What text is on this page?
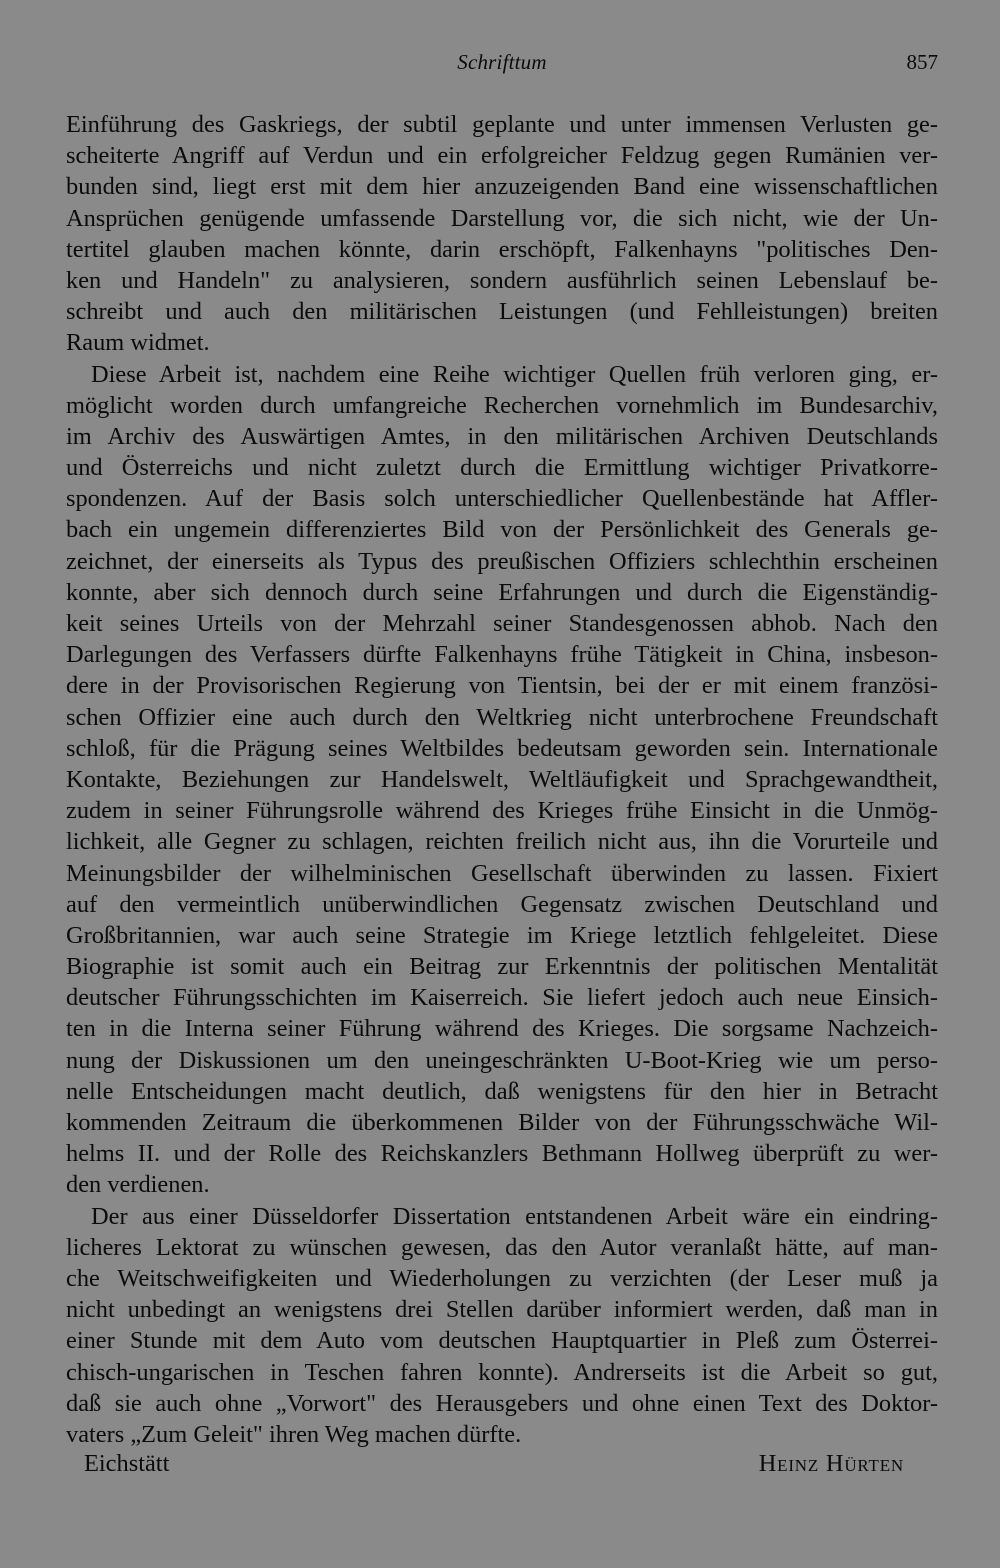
Schrifttum	857
Einführung des Gaskriegs, der subtil geplante und unter immensen Verlusten ge-
scheiterte Angriff auf Verdun und ein erfolgreicher Feldzug gegen Rumänien ver-
bunden sind, liegt erst mit dem hier anzuzeigenden Band eine wissenschaftlichen
Ansprüchen genügende umfassende Darstellung vor, die sich nicht, wie der Un-
tertitel glauben machen könnte, darin erschöpft, Falkenhayns "politisches Den-
ken und Handeln" zu analysieren, sondern ausführlich seinen Lebenslauf be-
schreibt und auch den militärischen Leistungen (und Fehlleistungen) breiten
Raum widmet.
Diese Arbeit ist, nachdem eine Reihe wichtiger Quellen früh verloren ging, er-
möglicht worden durch umfangreiche Recherchen vornehmlich im Bundesarchiv,
im Archiv des Auswärtigen Amtes, in den militärischen Archiven Deutschlands
und Österreichs und nicht zuletzt durch die Ermittlung wichtiger Privatkorre-
spondenzen. Auf der Basis solch unterschiedlicher Quellenbestände hat Affler-
bach ein ungemein differenziertes Bild von der Persönlichkeit des Generals ge-
zeichnet, der einerseits als Typus des preußischen Offiziers schlechthin erscheinen
konnte, aber sich dennoch durch seine Erfahrungen und durch die Eigenständig-
keit seines Urteils von der Mehrzahl seiner Standesgenossen abhob. Nach den
Darlegungen des Verfassers dürfte Falkenhayns frühe Tätigkeit in China, insbeson-
dere in der Provisorischen Regierung von Tientsin, bei der er mit einem französi-
schen Offizier eine auch durch den Weltkrieg nicht unterbrochene Freundschaft
schloß, für die Prägung seines Weltbildes bedeutsam geworden sein. Internationale
Kontakte, Beziehungen zur Handelswelt, Weltläufigkeit und Sprachgewandtheit,
zudem in seiner Führungsrolle während des Krieges frühe Einsicht in die Unmög-
lichkeit, alle Gegner zu schlagen, reichten freilich nicht aus, ihn die Vorurteile und
Meinungsbilder der wilhelminischen Gesellschaft überwinden zu lassen. Fixiert
auf den vermeintlich unüberwindlichen Gegensatz zwischen Deutschland und
Großbritannien, war auch seine Strategie im Kriege letztlich fehlgeleitet. Diese
Biographie ist somit auch ein Beitrag zur Erkenntnis der politischen Mentalität
deutscher Führungsschichten im Kaiserreich. Sie liefert jedoch auch neue Einsich-
ten in die Interna seiner Führung während des Krieges. Die sorgsame Nachzeich-
nung der Diskussionen um den uneingeschränkten U-Boot-Krieg wie um perso-
nelle Entscheidungen macht deutlich, daß wenigstens für den hier in Betracht
kommenden Zeitraum die überkommenen Bilder von der Führungsschwäche Wil-
helms II. und der Rolle des Reichskanzlers Bethmann Hollweg überprüft zu wer-
den verdienen.
Der aus einer Düsseldorfer Dissertation entstandenen Arbeit wäre ein eindring-
licheres Lektorat zu wünschen gewesen, das den Autor veranlaßt hätte, auf man-
che Weitschweifigkeiten und Wiederholungen zu verzichten (der Leser muß ja
nicht unbedingt an wenigstens drei Stellen darüber informiert werden, daß man in
einer Stunde mit dem Auto vom deutschen Hauptquartier in Pleß zum Österrei-
chisch-ungarischen in Teschen fahren konnte). Andrerseits ist die Arbeit so gut,
daß sie auch ohne „Vorwort" des Herausgebers und ohne einen Text des Doktor-
vaters „Zum Geleit" ihren Weg machen dürfte.
Eichstätt	Heinz Hürten
